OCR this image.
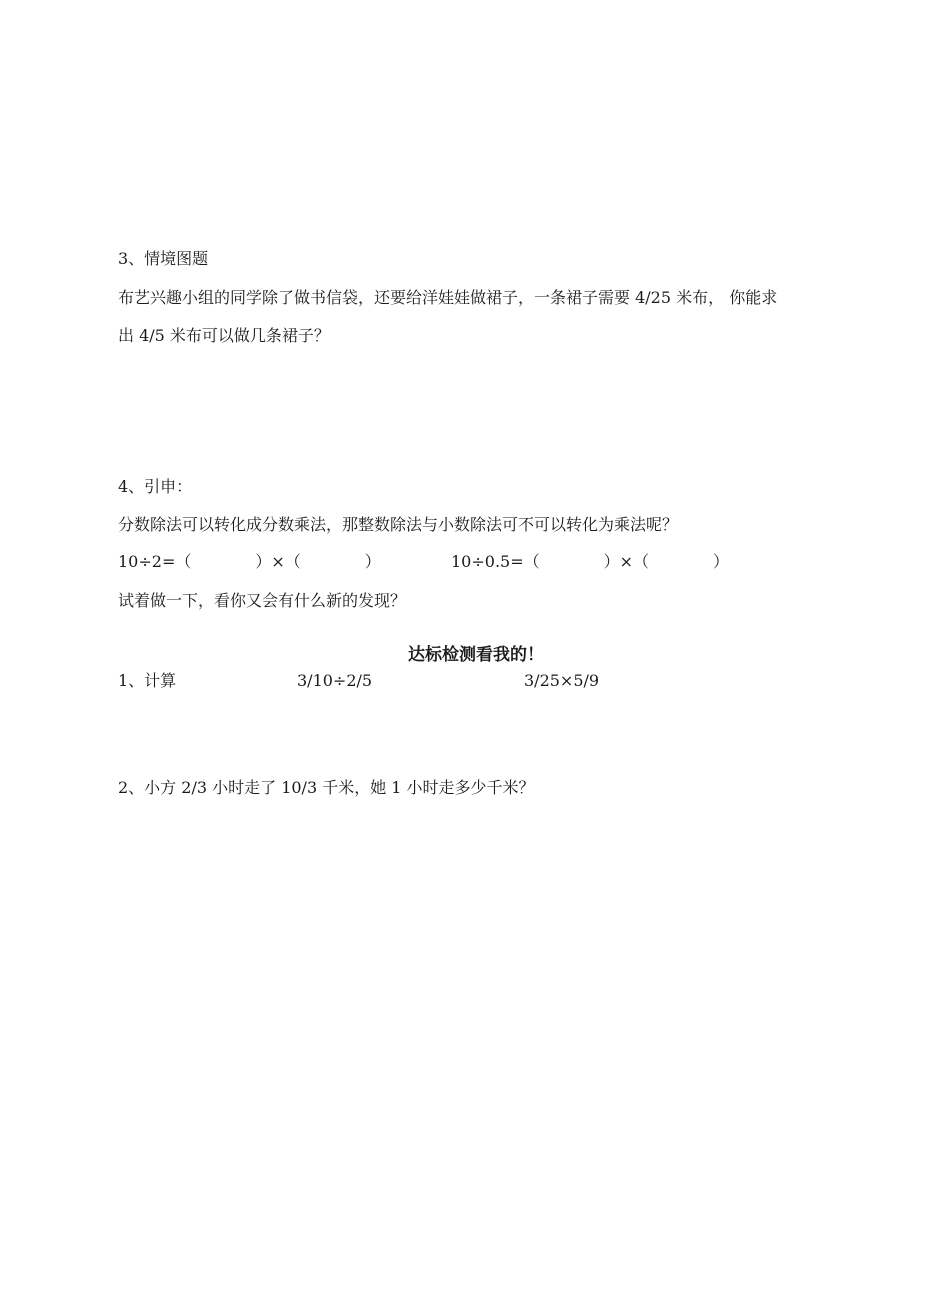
3、情境图题
布艺兴趣小组的同学除了做书信袋，还要给洋娃娃做裙子，一条裙子需要 4/25 米布， 你能求
出 4/5 米布可以做几条裙子？
4、引申：
分数除法可以转化成分数乘法，那整数除法与小数除法可不可以转化为乘法呢？
10÷2=（　　　　）×（　　　　）	10÷0.5=（　　　　）×（　　　　）
试着做一下，看你又会有什么新的发现？
达标检测看我的！
1、计算	3/10÷2/5	3/25×5/9
2、小方 2/3 小时走了 10/3 千米，她 1 小时走多少千米？
